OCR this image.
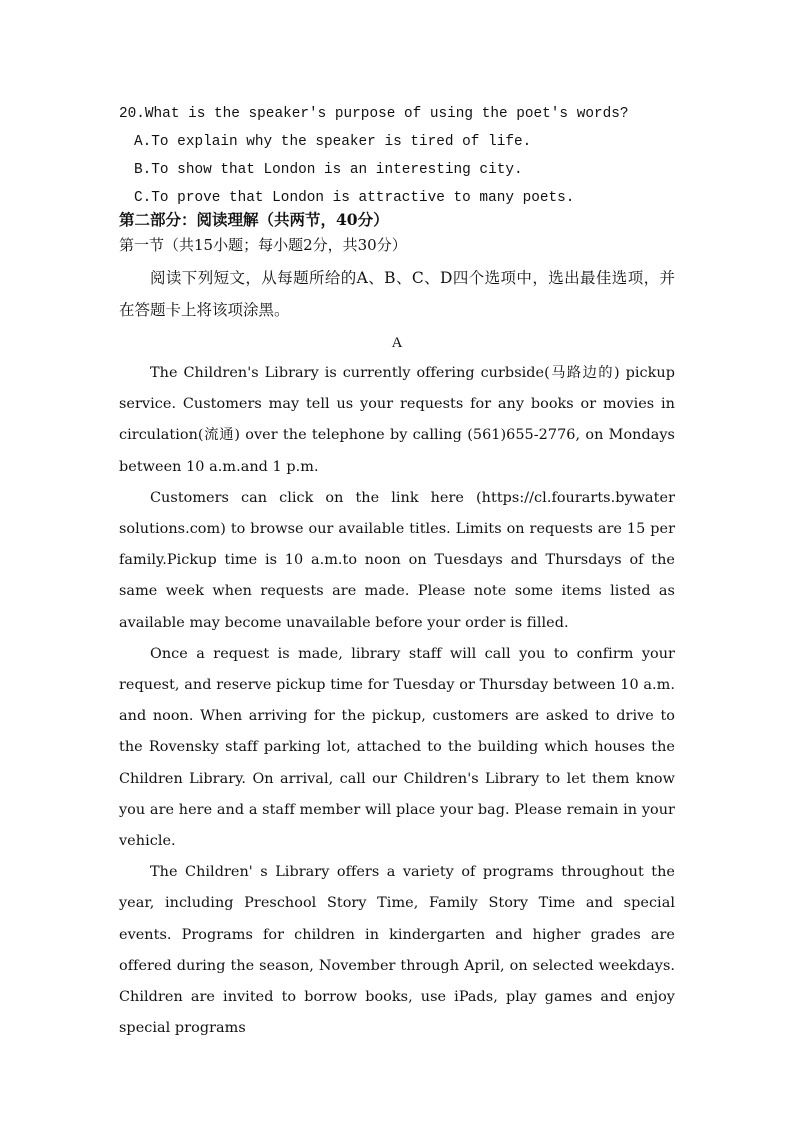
20.What is the speaker's purpose of using the poet's words?
A.To explain why the speaker is tired of life.
B.To show that London is an interesting city.
C.To prove that London is attractive to many poets.
第二部分：阅读理解（共两节，40分）
第一节（共15小题；每小题2分，共30分）

阅读下列短文，从每题所给的A、B、C、D四个选项中，选出最佳选项，并在答题卡上将该项涂黑。

A

The Children's Library is currently offering curbside(马路边的) pickup service. Customers may tell us your requests for any books or movies in circulation(流通) over the telephone by calling (561)655-2776, on Mondays between 10 a.m.and 1 p.m.

Customers can click on the link here (https://cl.fourarts.bywater solutions.com) to browse our available titles. Limits on requests are 15 per family.Pickup time is 10 a.m.to noon on Tuesdays and Thursdays of the same week when requests are made. Please note some items listed as available may become unavailable before your order is filled.

Once a request is made, library staff will call you to confirm your request, and reserve pickup time for Tuesday or Thursday between 10 a.m. and noon. When arriving for the pickup, customers are asked to drive to the Rovensky staff parking lot, attached to the building which houses the Children Library. On arrival, call our Children's Library to let them know you are here and a staff member will place your bag. Please remain in your vehicle.

The Children' s Library offers a variety of programs throughout the year, including Preschool Story Time, Family Story Time and special events. Programs for children in kindergarten and higher grades are offered during the season, November through April, on selected weekdays. Children are invited to borrow books, use iPads, play games and enjoy special programs
